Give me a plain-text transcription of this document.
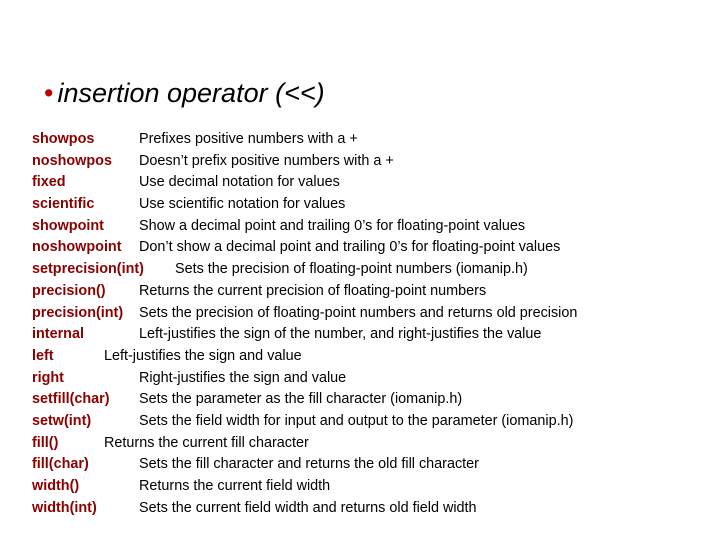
• insertion operator (<<)
showpos	Prefixes positive numbers with a +
noshowpos Doesn’t prefix positive numbers with a +
fixed	Use decimal notation for values
scientific	Use scientific notation for values
showpoint Show a decimal point and trailing 0’s for floating-point values
noshowpoint Don’t show a decimal point and trailing 0’s for floating-point values
setprecision(int) Sets the precision of floating-point numbers (iomanip.h)
precision() Returns the current precision of floating-point numbers
precision(int) Sets the precision of floating-point numbers and returns old precision
internal	Left-justifies the sign of the number, and right-justifies the value
left	Left-justifies the sign and value
right	Right-justifies the sign and value
setfill(char) Sets the parameter as the fill character (iomanip.h)
setw(int)	Sets the field width for input and output to the parameter (iomanip.h)
fill()	Returns the current fill character
fill(char)	Sets the fill character and returns the old fill character
width()	Returns the current field width
width(int)	Sets the current field width and returns old field width
